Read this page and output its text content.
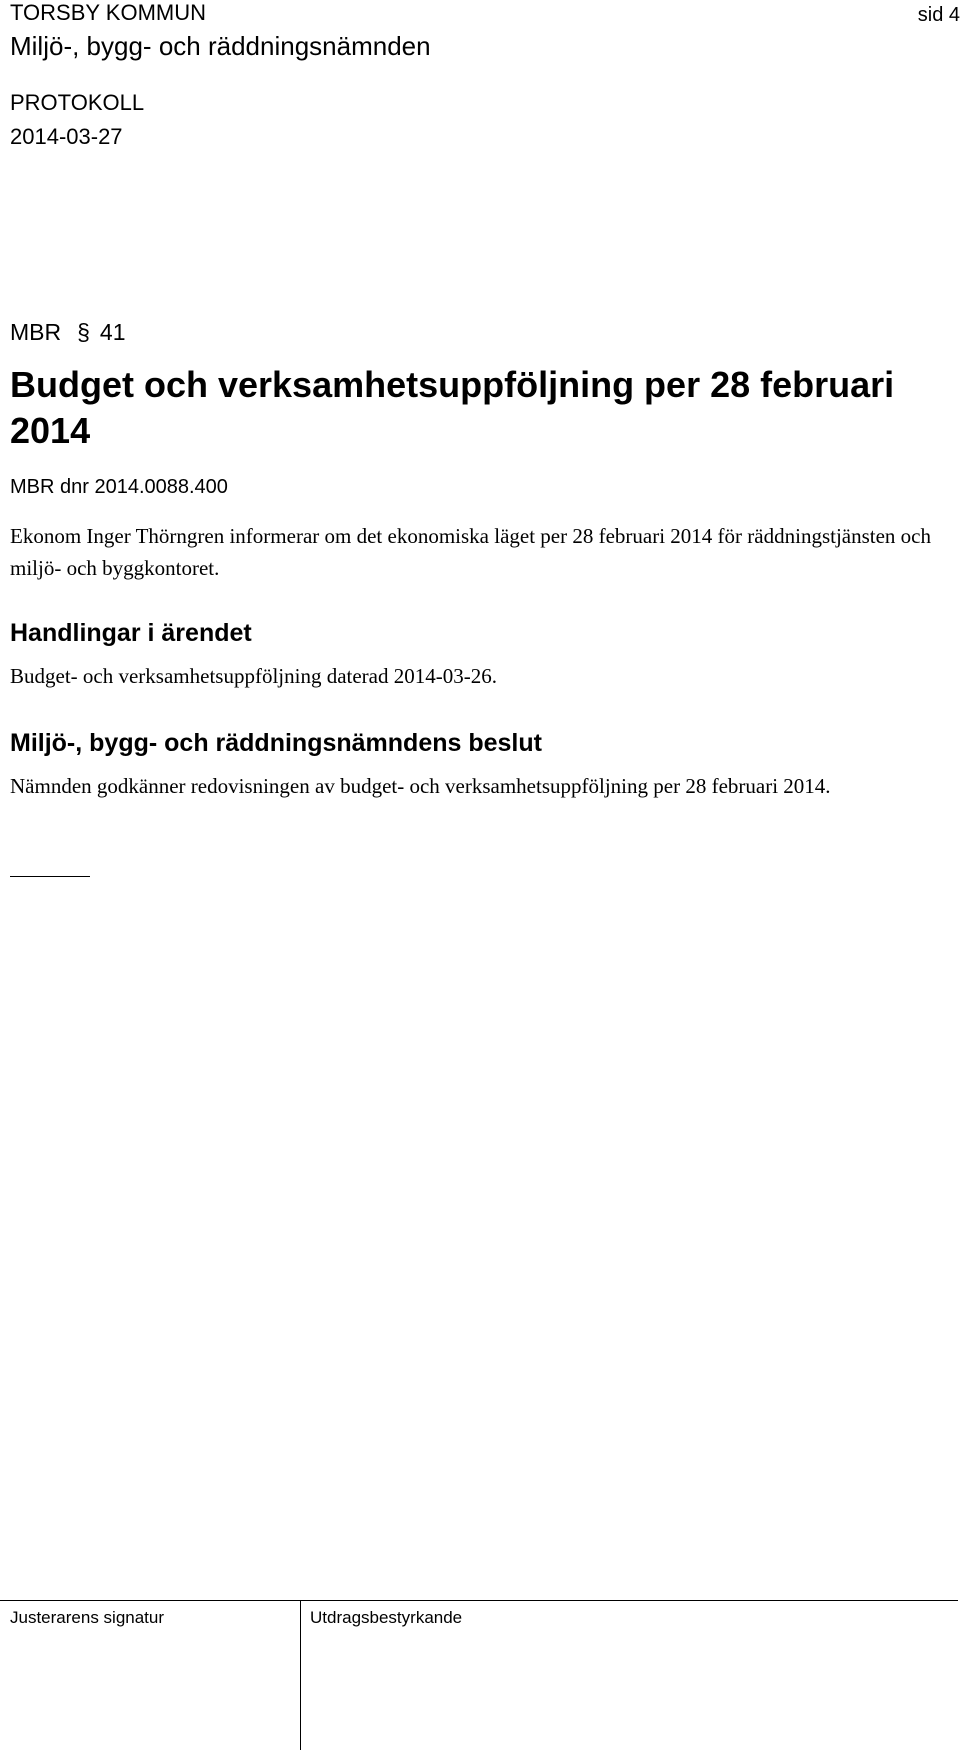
TORSBY KOMMUN	sid 4
Miljö-, bygg- och räddningsnämnden
PROTOKOLL
2014-03-27
MBR § 41
Budget och verksamhetsuppföljning per 28 februari 2014
MBR dnr 2014.0088.400
Ekonom Inger Thörngren informerar om det ekonomiska läget per 28 februari 2014 för räddningstjänsten och miljö- och byggkontoret.
Handlingar i ärendet
Budget- och verksamhetsuppföljning daterad 2014-03-26.
Miljö-, bygg- och räddningsnämndens beslut
Nämnden godkänner redovisningen av budget- och verksamhetsuppföljning per 28 februari 2014.
Justerarens signatur	Utdragsbestyrkande
